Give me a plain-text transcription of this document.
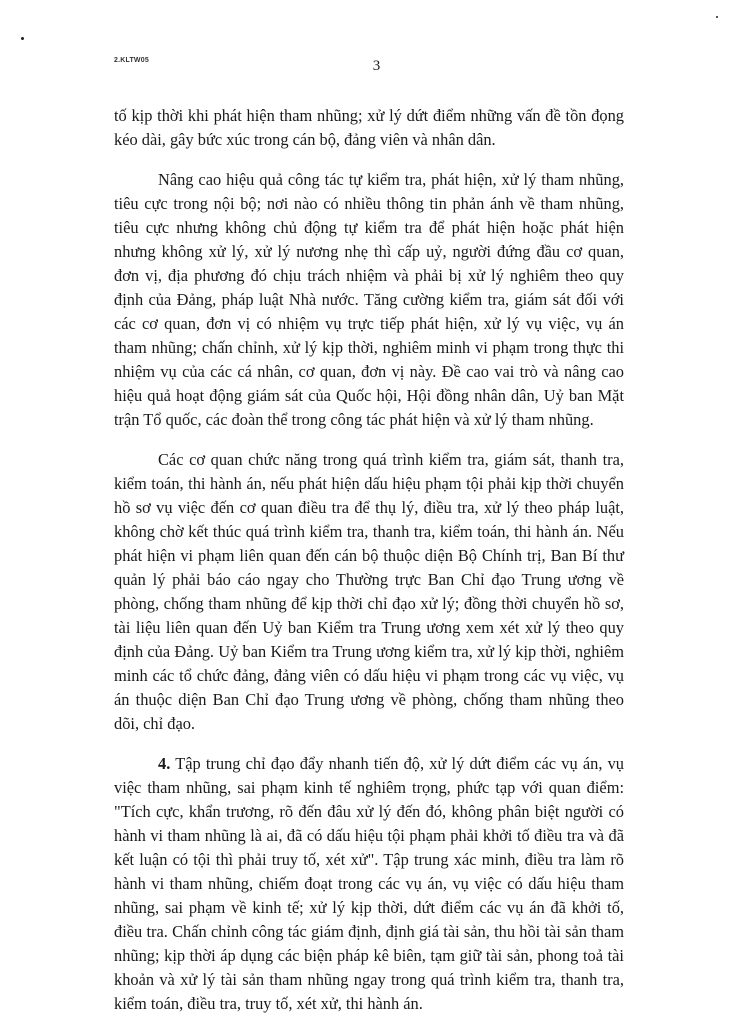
2.KLTW05	3

tố kịp thời khi phát hiện tham nhũng; xử lý dứt điểm những vấn đề tồn đọng kéo dài, gây bức xúc trong cán bộ, đảng viên và nhân dân.

Nâng cao hiệu quả công tác tự kiểm tra, phát hiện, xử lý tham nhũng, tiêu cực trong nội bộ; nơi nào có nhiều thông tin phản ánh về tham nhũng, tiêu cực nhưng không chủ động tự kiểm tra để phát hiện hoặc phát hiện nhưng không xử lý, xử lý nương nhẹ thì cấp uỷ, người đứng đầu cơ quan, đơn vị, địa phương đó chịu trách nhiệm và phải bị xử lý nghiêm theo quy định của Đảng, pháp luật Nhà nước. Tăng cường kiểm tra, giám sát đối với các cơ quan, đơn vị có nhiệm vụ trực tiếp phát hiện, xử lý vụ việc, vụ án tham nhũng; chấn chỉnh, xử lý kịp thời, nghiêm minh vi phạm trong thực thi nhiệm vụ của các cá nhân, cơ quan, đơn vị này. Đề cao vai trò và nâng cao hiệu quả hoạt động giám sát của Quốc hội, Hội đồng nhân dân, Uỷ ban Mặt trận Tổ quốc, các đoàn thể trong công tác phát hiện và xử lý tham nhũng.

Các cơ quan chức năng trong quá trình kiểm tra, giám sát, thanh tra, kiểm toán, thi hành án, nếu phát hiện dấu hiệu phạm tội phải kịp thời chuyển hồ sơ vụ việc đến cơ quan điều tra để thụ lý, điều tra, xử lý theo pháp luật, không chờ kết thúc quá trình kiểm tra, thanh tra, kiểm toán, thi hành án. Nếu phát hiện vi phạm liên quan đến cán bộ thuộc diện Bộ Chính trị, Ban Bí thư quản lý phải báo cáo ngay cho Thường trực Ban Chỉ đạo Trung ương về phòng, chống tham nhũng để kịp thời chỉ đạo xử lý; đồng thời chuyển hồ sơ, tài liệu liên quan đến Uỷ ban Kiểm tra Trung ương xem xét xử lý theo quy định của Đảng. Uỷ ban Kiểm tra Trung ương kiểm tra, xử lý kịp thời, nghiêm minh các tổ chức đảng, đảng viên có dấu hiệu vi phạm trong các vụ việc, vụ án thuộc diện Ban Chỉ đạo Trung ương về phòng, chống tham nhũng theo dõi, chỉ đạo.

4. Tập trung chỉ đạo đẩy nhanh tiến độ, xử lý dứt điểm các vụ án, vụ việc tham nhũng, sai phạm kinh tế nghiêm trọng, phức tạp với quan điểm: "Tích cực, khẩn trương, rõ đến đâu xử lý đến đó, không phân biệt người có hành vi tham nhũng là ai, đã có dấu hiệu tội phạm phải khởi tố điều tra và đã kết luận có tội thì phải truy tố, xét xử". Tập trung xác minh, điều tra làm rõ hành vi tham nhũng, chiếm đoạt trong các vụ án, vụ việc có dấu hiệu tham nhũng, sai phạm về kinh tế; xử lý kịp thời, dứt điểm các vụ án đã khởi tố, điều tra. Chấn chỉnh công tác giám định, định giá tài sản, thu hồi tài sản tham nhũng; kịp thời áp dụng các biện pháp kê biên, tạm giữ tài sản, phong toả tài khoản và xử lý tài sản tham nhũng ngay trong quá trình kiểm tra, thanh tra, kiểm toán, điều tra, truy tố, xét xử, thi hành án.
